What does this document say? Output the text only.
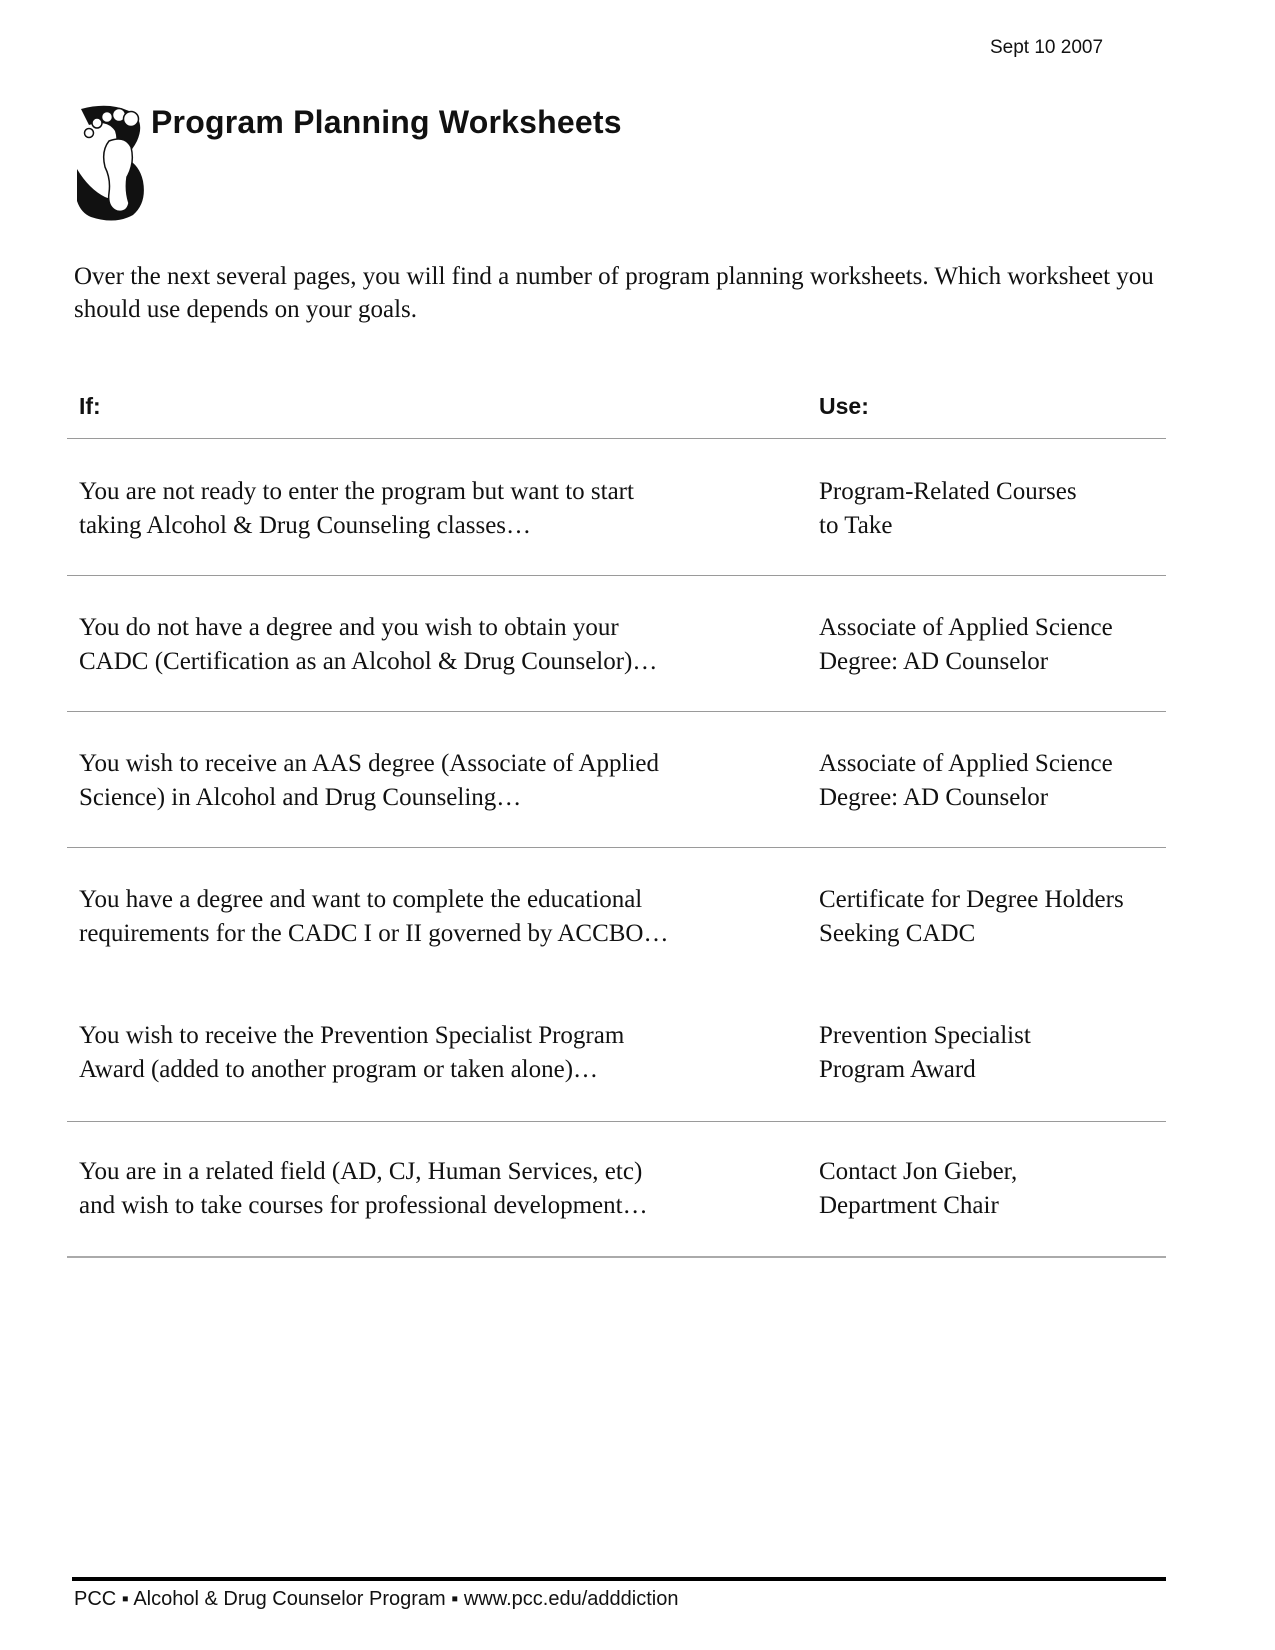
Sept 10 2007
Program Planning Worksheets

Over the next several pages, you will find a number of program planning worksheets. Which worksheet you should use depends on your goals.

If:	Use:
You are not ready to enter the program but want to start
taking Alcohol & Drug Counseling classes…
Program-Related Courses
to Take
You do not have a degree and you wish to obtain your
CADC (Certification as an Alcohol & Drug Counselor)…
Associate of Applied Science
Degree: AD Counselor
You wish to receive an AAS degree (Associate of Applied
Science) in Alcohol and Drug Counseling…
Associate of Applied Science
Degree: AD Counselor
You have a degree and want to complete the educational
requirements for the CADC I or II governed by ACCBO…
Certificate for Degree Holders
Seeking CADC
You wish to receive the Prevention Specialist Program
Award (added to another program or taken alone)…
Prevention Specialist
Program Award
You are in a related field (AD, CJ, Human Services, etc)
and wish to take courses for professional development…
Contact Jon Gieber,
Department Chair
PCC ▪ Alcohol & Drug Counselor Program ▪ www.pcc.edu/adddiction
